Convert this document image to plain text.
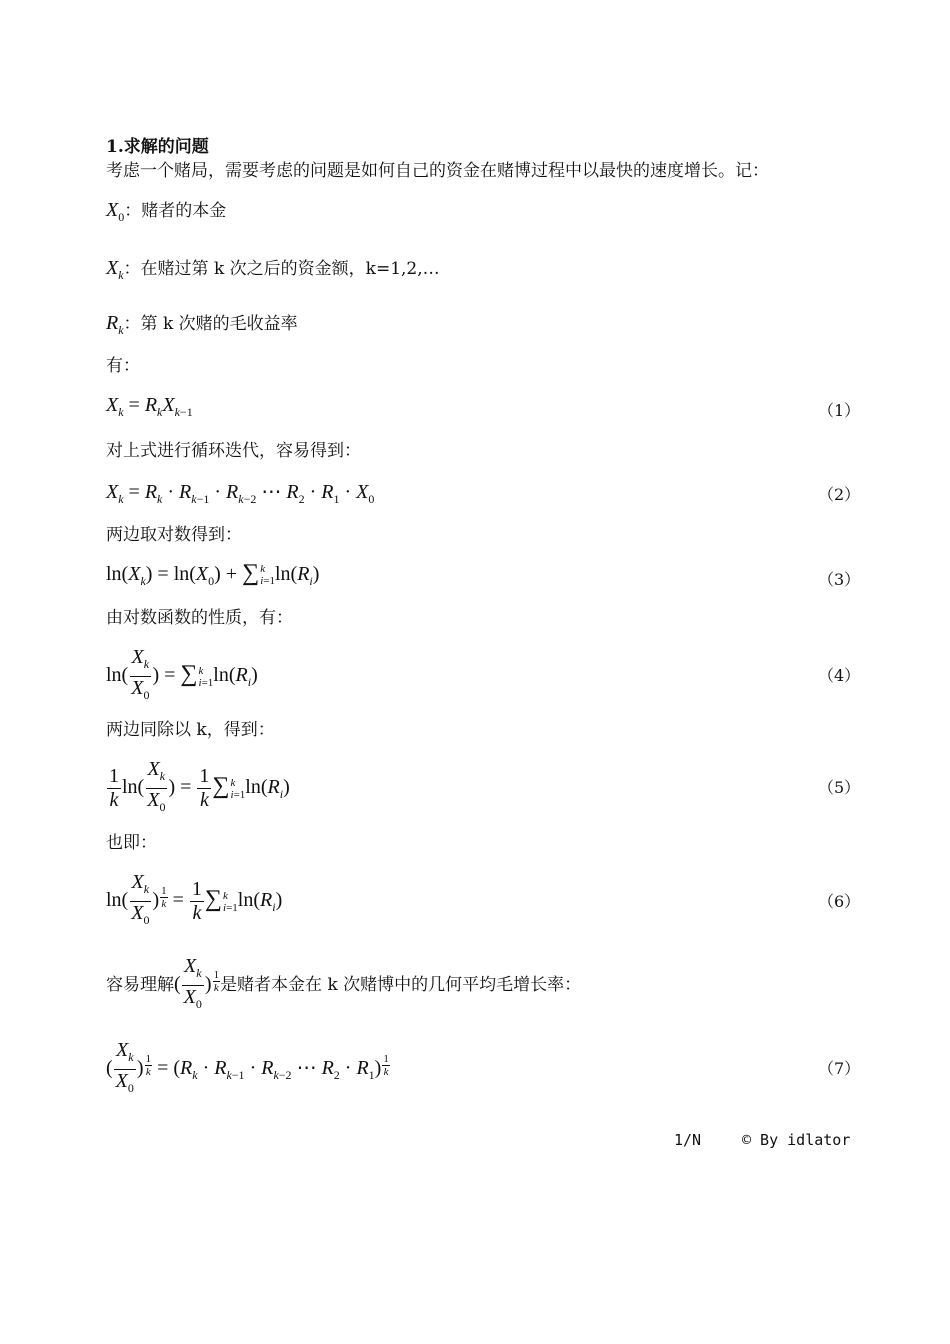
1.求解的问题
考虑一个赌局，需要考虑的问题是如何自己的资金在赌博过程中以最快的速度增长。记：
$X_0$：赌者的本金
$X_k$：在赌过第 k 次之后的资金额，k=1,2,…
$R_k$：第 k 次赌的毛收益率
有：
$X_k = R_kX_{k-1}$	（1）
对上式进行循环迭代，容易得到：
$X_k = R_k \cdot R_{k-1} \cdot R_{k-2}$ ⋯ $R_2 \cdot R_1 \cdot X_0$	（2）
两边取对数得到：
$\ln(X_k) = \ln(X_0)$ + ∑ k
i=1 $\ln(R_i)$	（3）
由对数函数的性质，有：
$\ln( \frac{X_k}{X_0}$ ) = ∑ k
i=1 $\ln(R_i)$	（4）
两边同除以 k，得到：
$\frac{1}{k} \ln( \frac{X_k}{X_0}$ ) = $\frac{1}{k}$ ∑ k
i=1 $\ln(R_i)$	（5）
也即：
$\ln( \frac{X_k}{X_0}$ ) $\frac{1}{k} = \frac{1}{k}$ ∑ k
i=1 $\ln(R_i)$	（6）
容易理解( $\frac{X_k}{X_0}$ ) $\frac{1}{k}$ 是赌者本金在 k 次赌博中的几何平均毛增长率：
( $\frac{X_k}{X_0}$ ) $\frac{1}{k} = (R_k \cdot R_{k-1} \cdot R_{k-2}$ ⋯ $R_2 \cdot R_1) \frac{1}{k}$	（7）
1/N	© By idlator
